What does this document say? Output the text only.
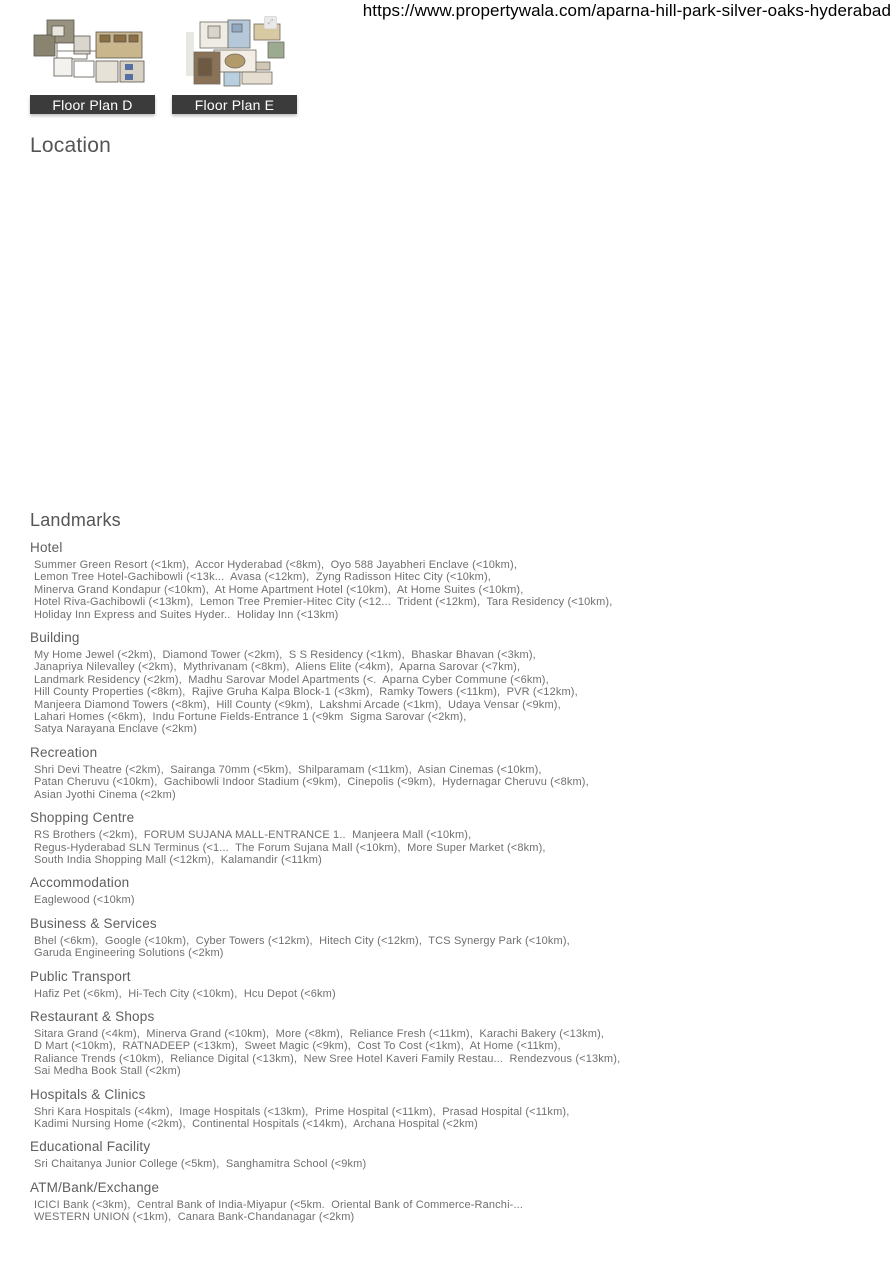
https://www.propertywala.com/aparna-hill-park-silver-oaks-hyderabad
Floor Plan D
⤢
Floor Plan E
Location
Landmarks
Hotel
Summer Green Resort (<1km),  Accor Hyderabad (<8km),  Oyo 588 Jayabheri Enclave (<10km),
Lemon Tree Hotel-Gachibowli (<13k...  Avasa (<12km),  Zyng Radisson Hitec City (<10km),
Minerva Grand Kondapur (<10km),  At Home Apartment Hotel (<10km),  At Home Suites (<10km),
Hotel Riva-Gachibowli (<13km),  Lemon Tree Premier-Hitec City (<12...  Trident (<12km),  Tara Residency (<10km),
Holiday Inn Express and Suites Hyder..  Holiday Inn (<13km)
Building
My Home Jewel (<2km),  Diamond Tower (<2km),  S S Residency (<1km),  Bhaskar Bhavan (<3km),
Janapriya Nilevalley (<2km),  Mythrivanam (<8km),  Aliens Elite (<4km),  Aparna Sarovar (<7km),
Landmark Residency (<2km),  Madhu Sarovar Model Apartments (<.  Aparna Cyber Commune (<6km),
Hill County Properties (<8km),  Rajive Gruha Kalpa Block-1 (<3km),  Ramky Towers (<11km),  PVR (<12km),
Manjeera Diamond Towers (<8km),  Hill County (<9km),  Lakshmi Arcade (<1km),  Udaya Vensar (<9km),
Lahari Homes (<6km),  Indu Fortune Fields-Entrance 1 (<9km  Sigma Sarovar (<2km),
Satya Narayana Enclave (<2km)
Recreation
Shri Devi Theatre (<2km),  Sairanga 70mm (<5km),  Shilparamam (<11km),  Asian Cinemas (<10km),
Patan Cheruvu (<10km),  Gachibowli Indoor Stadium (<9km),  Cinepolis (<9km),  Hydernagar Cheruvu (<8km),
Asian Jyothi Cinema (<2km)
Shopping Centre
RS Brothers (<2km),  FORUM SUJANA MALL-ENTRANCE 1..  Manjeera Mall (<10km),
Regus-Hyderabad SLN Terminus (<1...  The Forum Sujana Mall (<10km),  More Super Market (<8km),
South India Shopping Mall (<12km),  Kalamandir (<11km)
Accommodation
Eaglewood (<10km)
Business & Services
Bhel (<6km),  Google (<10km),  Cyber Towers (<12km),  Hitech City (<12km),  TCS Synergy Park (<10km),
Garuda Engineering Solutions (<2km)
Public Transport
Hafiz Pet (<6km),  Hi-Tech City (<10km),  Hcu Depot (<6km)
Restaurant & Shops
Sitara Grand (<4km),  Minerva Grand (<10km),  More (<8km),  Reliance Fresh (<11km),  Karachi Bakery (<13km),
D Mart (<10km),  RATNADEEP (<13km),  Sweet Magic (<9km),  Cost To Cost (<1km),  At Home (<11km),
Raliance Trends (<10km),  Reliance Digital (<13km),  New Sree Hotel Kaveri Family Restau...  Rendezvous (<13km),
Sai Medha Book Stall (<2km)
Hospitals & Clinics
Shri Kara Hospitals (<4km),  Image Hospitals (<13km),  Prime Hospital (<11km),  Prasad Hospital (<11km),
Kadimi Nursing Home (<2km),  Continental Hospitals (<14km),  Archana Hospital (<2km)
Educational Facility
Sri Chaitanya Junior College (<5km),  Sanghamitra School (<9km)
ATM/Bank/Exchange
ICICI Bank (<3km),  Central Bank of India-Miyapur (<5km.  Oriental Bank of Commerce-Ranchi-...
WESTERN UNION (<1km),  Canara Bank-Chandanagar (<2km)
